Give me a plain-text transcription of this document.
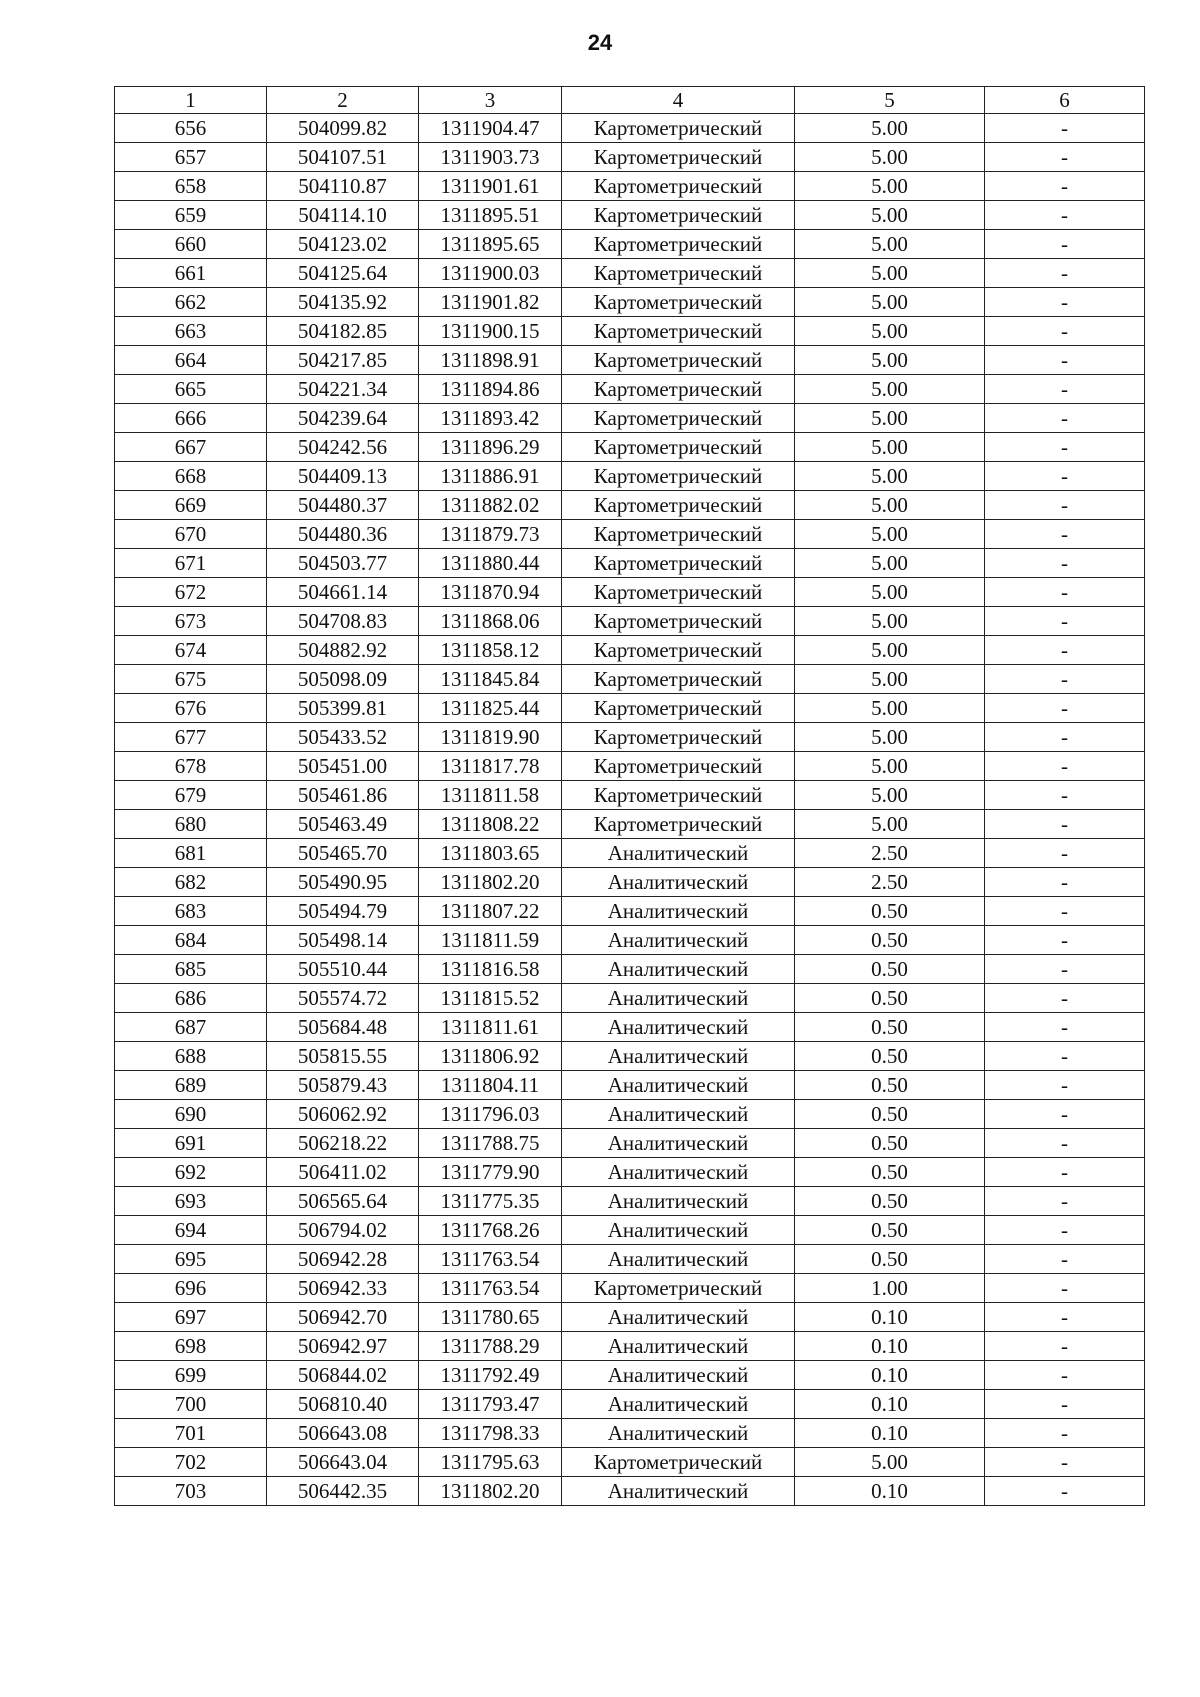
24
1	2	3	4	5	6
656	504099.82	1311904.47	Картометрический	5.00	-
657	504107.51	1311903.73	Картометрический	5.00	-
658	504110.87	1311901.61	Картометрический	5.00	-
659	504114.10	1311895.51	Картометрический	5.00	-
660	504123.02	1311895.65	Картометрический	5.00	-
661	504125.64	1311900.03	Картометрический	5.00	-
662	504135.92	1311901.82	Картометрический	5.00	-
663	504182.85	1311900.15	Картометрический	5.00	-
664	504217.85	1311898.91	Картометрический	5.00	-
665	504221.34	1311894.86	Картометрический	5.00	-
666	504239.64	1311893.42	Картометрический	5.00	-
667	504242.56	1311896.29	Картометрический	5.00	-
668	504409.13	1311886.91	Картометрический	5.00	-
669	504480.37	1311882.02	Картометрический	5.00	-
670	504480.36	1311879.73	Картометрический	5.00	-
671	504503.77	1311880.44	Картометрический	5.00	-
672	504661.14	1311870.94	Картометрический	5.00	-
673	504708.83	1311868.06	Картометрический	5.00	-
674	504882.92	1311858.12	Картометрический	5.00	-
675	505098.09	1311845.84	Картометрический	5.00	-
676	505399.81	1311825.44	Картометрический	5.00	-
677	505433.52	1311819.90	Картометрический	5.00	-
678	505451.00	1311817.78	Картометрический	5.00	-
679	505461.86	1311811.58	Картометрический	5.00	-
680	505463.49	1311808.22	Картометрический	5.00	-
681	505465.70	1311803.65	Аналитический	2.50	-
682	505490.95	1311802.20	Аналитический	2.50	-
683	505494.79	1311807.22	Аналитический	0.50	-
684	505498.14	1311811.59	Аналитический	0.50	-
685	505510.44	1311816.58	Аналитический	0.50	-
686	505574.72	1311815.52	Аналитический	0.50	-
687	505684.48	1311811.61	Аналитический	0.50	-
688	505815.55	1311806.92	Аналитический	0.50	-
689	505879.43	1311804.11	Аналитический	0.50	-
690	506062.92	1311796.03	Аналитический	0.50	-
691	506218.22	1311788.75	Аналитический	0.50	-
692	506411.02	1311779.90	Аналитический	0.50	-
693	506565.64	1311775.35	Аналитический	0.50	-
694	506794.02	1311768.26	Аналитический	0.50	-
695	506942.28	1311763.54	Аналитический	0.50	-
696	506942.33	1311763.54	Картометрический	1.00	-
697	506942.70	1311780.65	Аналитический	0.10	-
698	506942.97	1311788.29	Аналитический	0.10	-
699	506844.02	1311792.49	Аналитический	0.10	-
700	506810.40	1311793.47	Аналитический	0.10	-
701	506643.08	1311798.33	Аналитический	0.10	-
702	506643.04	1311795.63	Картометрический	5.00	-
703	506442.35	1311802.20	Аналитический	0.10	-
